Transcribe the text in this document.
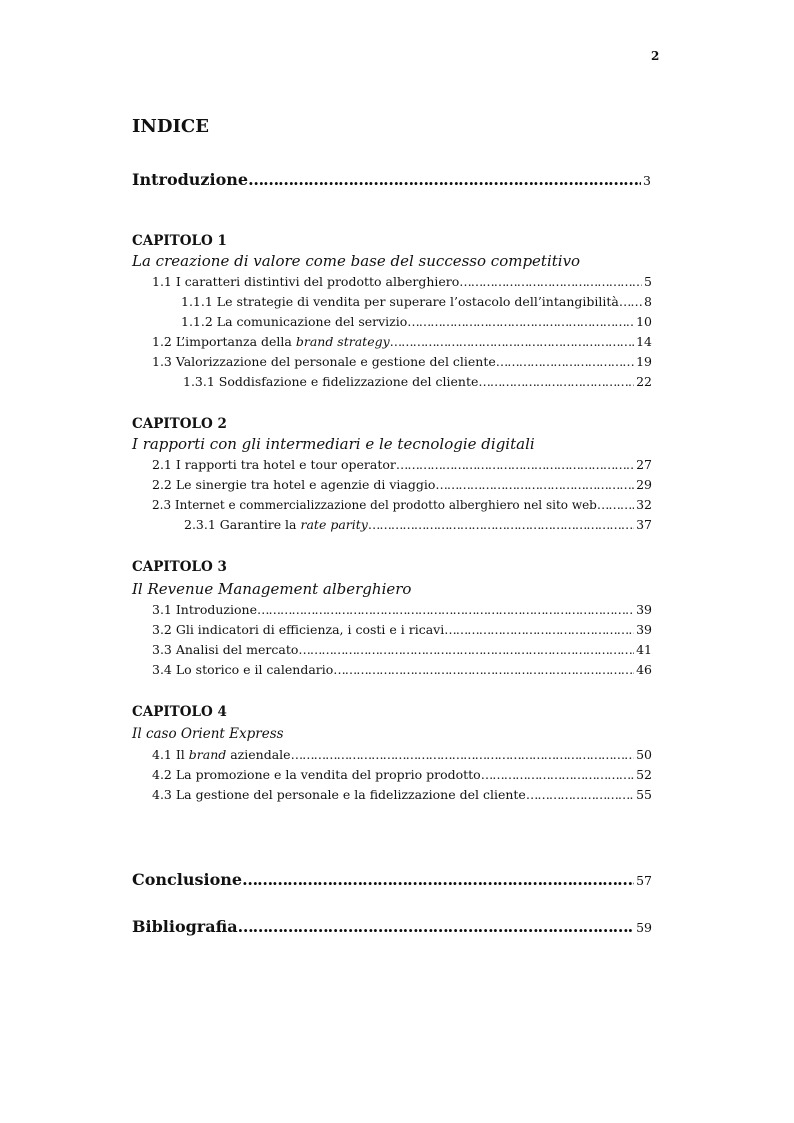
2
INDICE
Introduzione ………………………………………………………………………………………………………………………………………………………………………………………………………………………………………………………………………	3
CAPITOLO 1
La creazione di valore come base del successo competitivo
1.1 I caratteri distintivi del prodotto alberghiero ………………………………………………………………………………………………………………………………………………………………………………………………………………………………………………………………………	5
1.1.1 Le strategie di vendita per superare l’ostacolo dell’intangibilità ……………………………………………………………………………………………………………………………………………………………………………………………………………………………………………………………………… 8
1.1.2 La comunicazione del servizio ………………………………………………………………………………………………………………………………………………………………………………………………………………………………………………………………………	10
1.2 L’importanza della brand strategy ………………………………………………………………………………………………………………………………………………………………………………………………………………………………………………………………………	14
1.3 Valorizzazione del personale e gestione del cliente ………………………………………………………………………………………………………………………………………………………………………………………………………………………………………………………………………	19
1.3.1 Soddisfazione e fidelizzazione del cliente ………………………………………………………………………………………………………………………………………………………………………………………………………………………………………………………………………	22
CAPITOLO 2
I rapporti con gli intermediari e le tecnologie digitali
2.1 I rapporti tra hotel e tour operator ………………………………………………………………………………………………………………………………………………………………………………………………………………………………………………………………………	27
2.2 Le sinergie tra hotel e agenzie di viaggio ………………………………………………………………………………………………………………………………………………………………………………………………………………………………………………………………………	29
2.3 Internet e commercializzazione del prodotto alberghiero nel sito web ………………………………………………………………………………………………………………………………………………………………………………………………………………………………………………………………………	32
2.3.1 Garantire la rate parity ………………………………………………………………………………………………………………………………………………………………………………………………………………………………………………………………………	37
CAPITOLO 3
Il Revenue Management alberghiero
3.1 Introduzione ………………………………………………………………………………………………………………………………………………………………………………………………………………………………………………………………………	39
3.2 Gli indicatori di efficienza, i costi e i ricavi ………………………………………………………………………………………………………………………………………………………………………………………………………………………………………………………………………	39
3.3 Analisi del mercato ………………………………………………………………………………………………………………………………………………………………………………………………………………………………………………………………………	41
3.4 Lo storico e il calendario ………………………………………………………………………………………………………………………………………………………………………………………………………………………………………………………………………	46
CAPITOLO 4
Il caso Orient Express
4.1 Il brand aziendale ………………………………………………………………………………………………………………………………………………………………………………………………………………………………………………………………………	50
4.2 La promozione e la vendita del proprio prodotto ………………………………………………………………………………………………………………………………………………………………………………………………………………………………………………………………………	52
4.3 La gestione del personale e la fidelizzazione del cliente ………………………………………………………………………………………………………………………………………………………………………………………………………………………………………………………………………	55
Conclusione ………………………………………………………………………………………………………………………………………………………………………………………………………………………………………………………………………	57
Bibliografia ………………………………………………………………………………………………………………………………………………………………………………………………………………………………………………………………………	59
